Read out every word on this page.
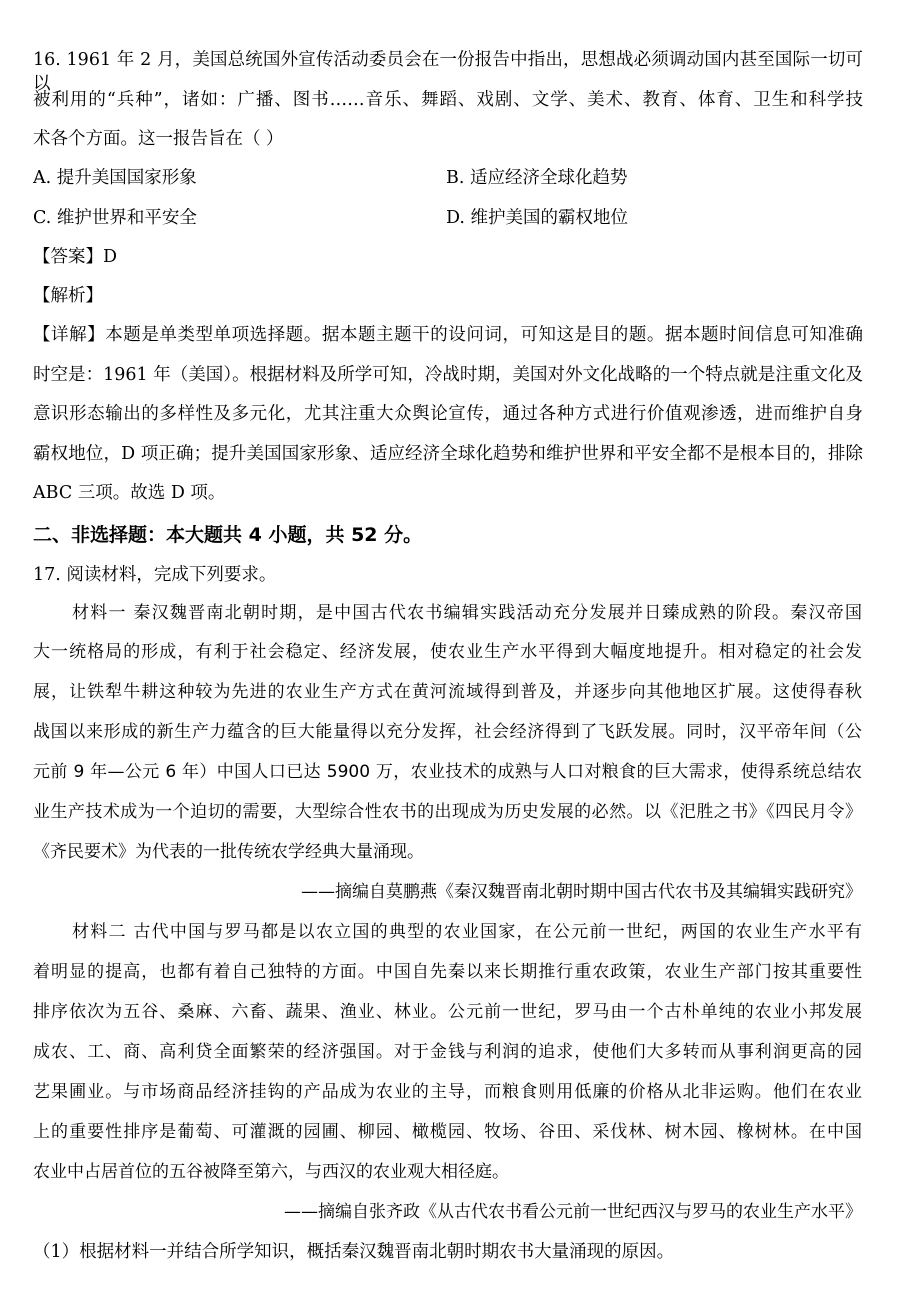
16. 1961 年 2 月，美国总统国外宣传活动委员会在一份报告中指出，思想战必须调动国内甚至国际一切可以
被利用的“兵种”，诸如：广播、图书……音乐、舞蹈、戏剧、文学、美术、教育、体育、卫生和科学技
术各个方面。这一报告旨在（ ）
A. 提升美国国家形象	B. 适应经济全球化趋势
C. 维护世界和平安全	D. 维护美国的霸权地位
【答案】D
【解析】
【详解】本题是单类型单项选择题。据本题主题干的设问词，可知这是目的题。据本题时间信息可知准确
时空是：1961 年（美国）。根据材料及所学可知，冷战时期，美国对外文化战略的一个特点就是注重文化及
意识形态输出的多样性及多元化，尤其注重大众舆论宣传，通过各种方式进行价值观渗透，进而维护自身
霸权地位，D 项正确；提升美国国家形象、适应经济全球化趋势和维护世界和平安全都不是根本目的，排除
ABC 三项。故选 D 项。
二、非选择题：本大题共 4 小题，共 52 分。
17. 阅读材料，完成下列要求。
材料一 秦汉魏晋南北朝时期，是中国古代农书编辑实践活动充分发展并日臻成熟的阶段。秦汉帝国
大一统格局的形成，有利于社会稳定、经济发展，使农业生产水平得到大幅度地提升。相对稳定的社会发
展，让铁犁牛耕这种较为先进的农业生产方式在黄河流域得到普及，并逐步向其他地区扩展。这使得春秋
战国以来形成的新生产力蕴含的巨大能量得以充分发挥，社会经济得到了飞跃发展。同时，汉平帝年间（公
元前 9 年—公元 6 年）中国人口已达 5900 万，农业技术的成熟与人口对粮食的巨大需求，使得系统总结农
业生产技术成为一个迫切的需要，大型综合性农书的出现成为历史发展的必然。以《汜胜之书》《四民月令》
《齐民要术》为代表的一批传统农学经典大量涌现。
——摘编自莫鹏燕《秦汉魏晋南北朝时期中国古代农书及其编辑实践研究》
材料二 古代中国与罗马都是以农立国的典型的农业国家，在公元前一世纪，两国的农业生产水平有
着明显的提高，也都有着自己独特的方面。中国自先秦以来长期推行重农政策，农业生产部门按其重要性
排序依次为五谷、桑麻、六畜、蔬果、渔业、林业。公元前一世纪，罗马由一个古朴单纯的农业小邦发展
成农、工、商、高利贷全面繁荣的经济强国。对于金钱与利润的追求，使他们大多转而从事利润更高的园
艺果圃业。与市场商品经济挂钩的产品成为农业的主导，而粮食则用低廉的价格从北非运购。他们在农业
上的重要性排序是葡萄、可灌溉的园圃、柳园、橄榄园、牧场、谷田、采伐林、树木园、橡树林。在中国
农业中占居首位的五谷被降至第六，与西汉的农业观大相径庭。
——摘编自张齐政《从古代农书看公元前一世纪西汉与罗马的农业生产水平》
（1）根据材料一并结合所学知识，概括秦汉魏晋南北朝时期农书大量涌现的原因。
